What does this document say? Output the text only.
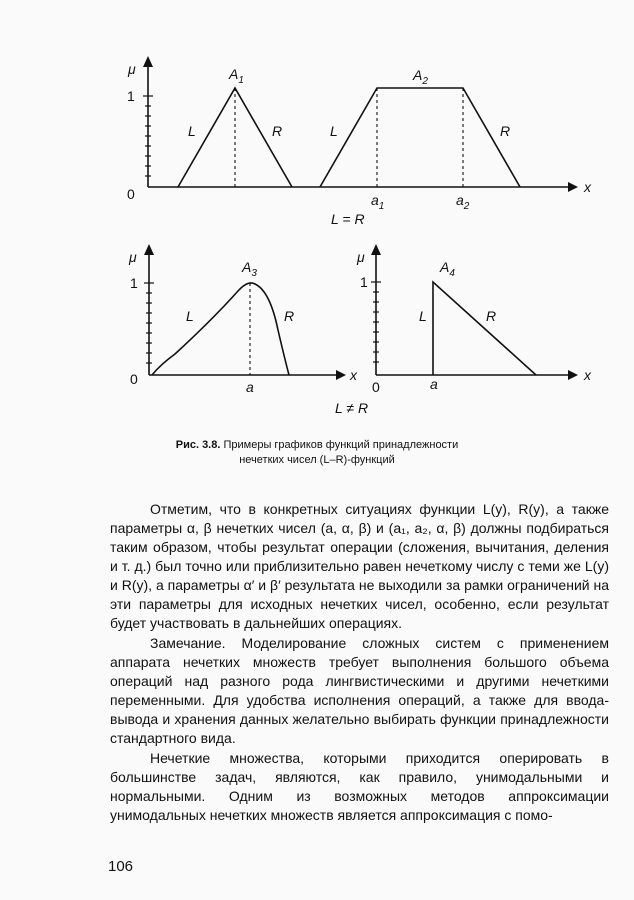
μ
1
0	x
$A_1$
L	R
$A_2$
L	R
$a_1$	$a_2$
L = R
μ
1
0	x
$A_3$
L	R
a
L ≠ R
μ
1
0
x
$A_4$
L	R
a
Рис. 3.8. Примеры графиков функций принадлежности
нечетких чисел (L–R)-функций

Отметим, что в конкретных ситуациях функции L(y), R(y), а также параметры α, β нечетких чисел (a, α, β) и (a₁, a₂, α, β) должны подбираться таким образом, чтобы результат операции (сложения, вычитания, деления и т. д.) был точно или приблизительно равен нечеткому числу с теми же L(y) и R(y), а параметры α′ и β′ результата не выходили за рамки ограничений на эти параметры для исходных нечетких чисел, особенно, если результат будет участвовать в дальнейших операциях.

Замечание. Моделирование сложных систем с применением аппарата нечетких множеств требует выполнения большого объема операций над разного рода лингвистическими и другими нечеткими переменными. Для удобства исполнения операций, а также для ввода-вывода и хранения данных желательно выбирать функции принадлежности стандартного вида.

Нечеткие множества, которыми приходится оперировать в большинстве задач, являются, как правило, унимодальными и нормальными. Одним из возможных методов аппроксимации унимодальных нечетких множеств является аппроксимация с помо-

106
